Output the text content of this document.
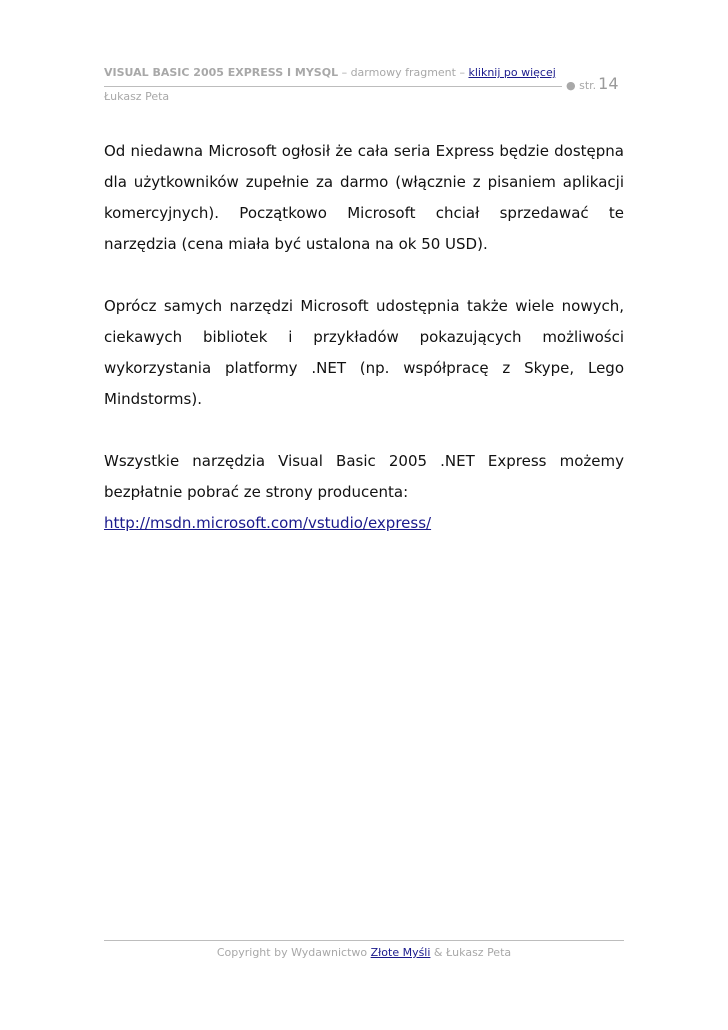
VISUAL BASIC 2005 EXPRESS I MYSQL – darmowy fragment – kliknij po więcej
● str. 14
Łukasz Peta

Od niedawna Microsoft ogłosił że cała seria Express będzie dostępna dla użytkowników zupełnie za darmo (włącznie z pisaniem aplikacji komercyjnych). Początkowo Microsoft chciał sprzedawać te narzędzia (cena miała być ustalona na ok 50 USD).

Oprócz samych narzędzi Microsoft udostępnia także wiele nowych, ciekawych bibliotek i przykładów pokazujących możliwości wykorzystania platformy .NET (np. współpracę z Skype, Lego Mindstorms).

Wszystkie narzędzia Visual Basic 2005 .NET Express możemy bezpłatnie pobrać ze strony producenta:
http://msdn.microsoft.com/vstudio/express/

Copyright by Wydawnictwo Złote Myśli & Łukasz Peta
